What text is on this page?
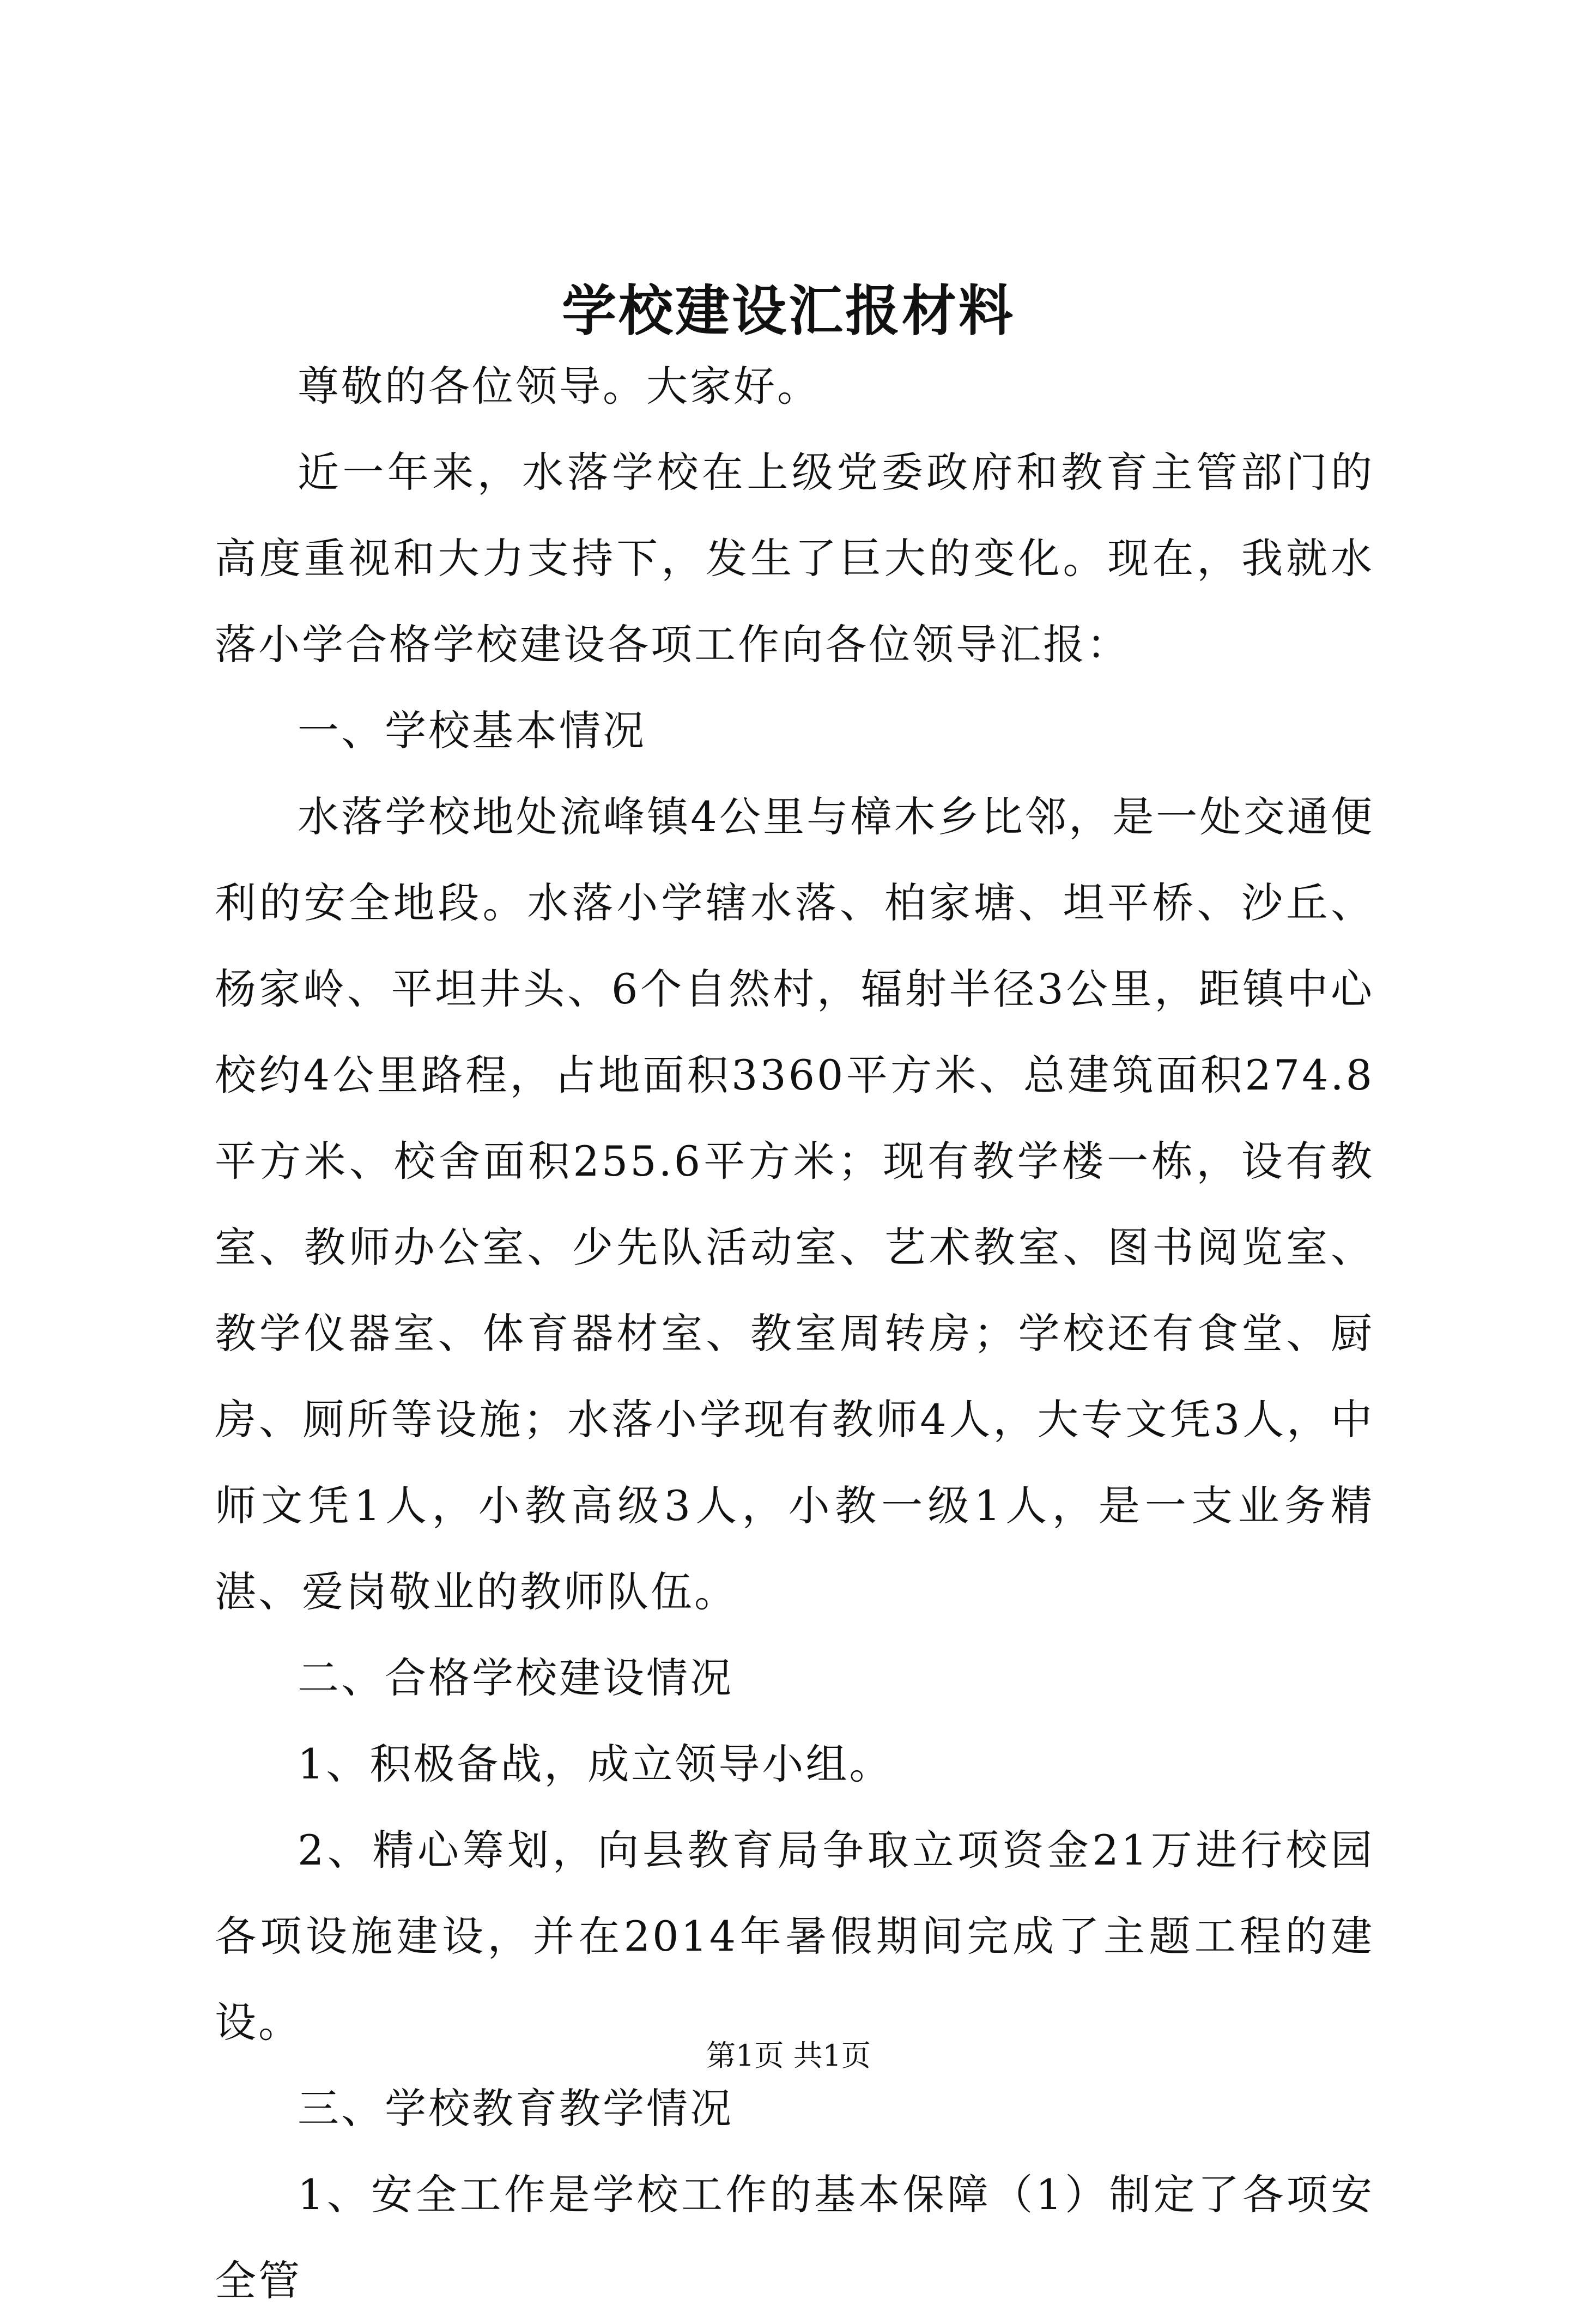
学校建设汇报材料

尊敬的各位领导。大家好。

近一年来，水落学校在上级党委政府和教育主管部门的高度重视和大力支持下，发生了巨大的变化。现在，我就水落小学合格学校建设各项工作向各位领导汇报：

一、学校基本情况

水落学校地处流峰镇4公里与樟木乡比邻，是一处交通便利的安全地段。水落小学辖水落、柏家塘、坦平桥、沙丘、杨家岭、平坦井头、6个自然村，辐射半径3公里，距镇中心校约4公里路程，占地面积3360平方米、总建筑面积274.8平方米、校舍面积255.6平方米；现有教学楼一栋，设有教室、教师办公室、少先队活动室、艺术教室、图书阅览室、教学仪器室、体育器材室、教室周转房；学校还有食堂、厨房、厕所等设施；水落小学现有教师4人，大专文凭3人，中师文凭1人，小教高级3人，小教一级1人，是一支业务精湛、爱岗敬业的教师队伍。

二、合格学校建设情况

1、积极备战，成立领导小组。

2、精心筹划，向县教育局争取立项资金21万进行校园各项设施建设，并在2014年暑假期间完成了主题工程的建设。

三、学校教育教学情况

1、安全工作是学校工作的基本保障（1）制定了各项安全管

第1页 共1页
